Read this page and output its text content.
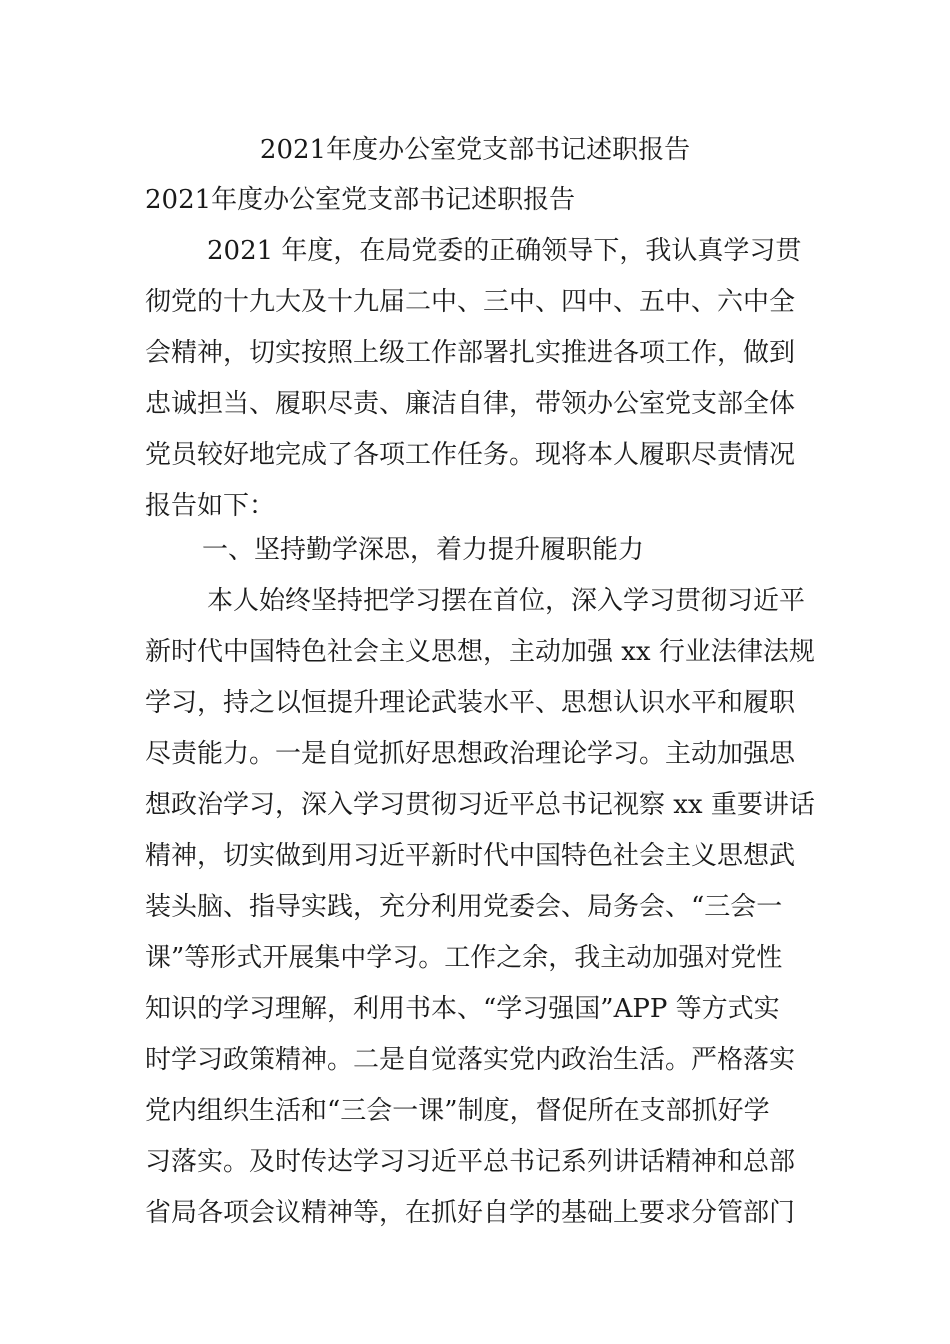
2021年度办公室党支部书记述职报告

2021年度办公室党支部书记述职报告

2021 年度，在局党委的正确领导下，我认真学习贯

彻党的十九大及十九届二中、三中、四中、五中、六中全

会精神，切实按照上级工作部署扎实推进各项工作，做到

忠诚担当、履职尽责、廉洁自律，带领办公室党支部全体

党员较好地完成了各项工作任务。现将本人履职尽责情况

报告如下：

一、坚持勤学深思，着力提升履职能力

本人始终坚持把学习摆在首位，深入学习贯彻习近平

新时代中国特色社会主义思想，主动加强 xx 行业法律法规

学习，持之以恒提升理论武装水平、思想认识水平和履职

尽责能力。一是自觉抓好思想政治理论学习。主动加强思

想政治学习，深入学习贯彻习近平总书记视察 xx 重要讲话

精神，切实做到用习近平新时代中国特色社会主义思想武

装头脑、指导实践，充分利用党委会、局务会、“三会一

课”等形式开展集中学习。工作之余，我主动加强对党性

知识的学习理解，利用书本、“学习强国”APP 等方式实

时学习政策精神。二是自觉落实党内政治生活。严格落实

党内组织生活和“三会一课”制度，督促所在支部抓好学

习落实。及时传达学习习近平总书记系列讲话精神和总部

省局各项会议精神等，在抓好自学的基础上要求分管部门
